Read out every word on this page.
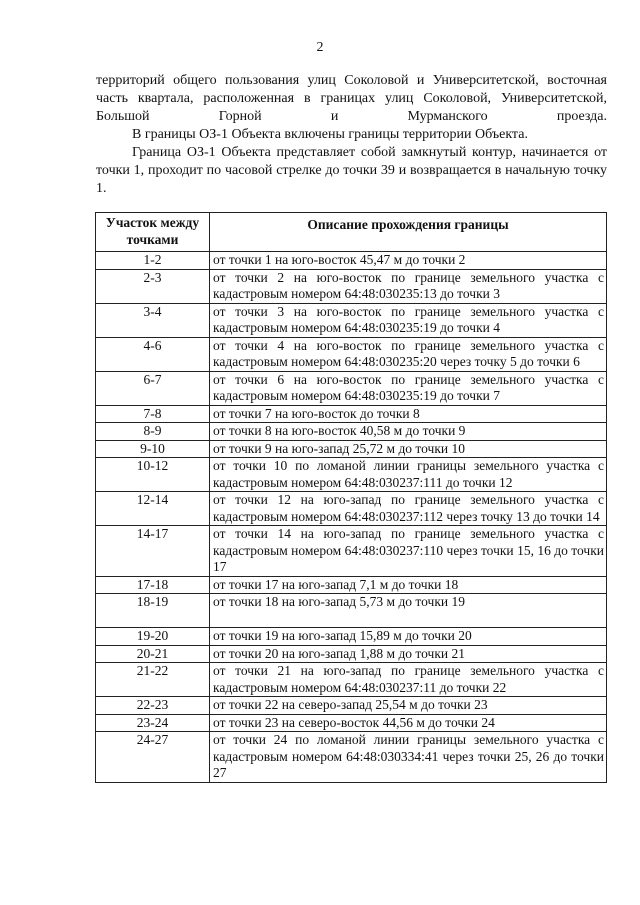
2

территорий общего пользования улиц Соколовой и Университетской, восточная часть квартала, расположенная в границах улиц Соколовой, Университетской, Большой Горной и Мурманского проезда.

В границы ОЗ-1 Объекта включены границы территории Объекта.

Граница ОЗ-1 Объекта представляет собой замкнутый контур, начинается от точки 1, проходит по часовой стрелке до точки 39 и возвращается в начальную точку 1.

Участок между точками	Описание прохождения границы
1-2	от точки 1 на юго-восток 45,47 м до точки 2
2-3	от точки 2 на юго-восток по границе земельного участка с кадастровым номером 64:48:030235:13 до точки 3
3-4	от точки 3 на юго-восток по границе земельного участка с кадастровым номером 64:48:030235:19 до точки 4
4-6	от точки 4 на юго-восток по границе земельного участка с кадастровым номером 64:48:030235:20 через точку 5 до точки 6
6-7	от точки 6 на юго-восток по границе земельного участка с кадастровым номером 64:48:030235:19 до точки 7
7-8	от точки 7 на юго-восток до точки 8
8-9	от точки 8 на юго-восток 40,58 м до точки 9
9-10	от точки 9 на юго-запад 25,72 м до точки 10
10-12	от точки 10 по ломаной линии границы земельного участка с кадастровым номером 64:48:030237:111 до точки 12
12-14	от точки 12 на юго-запад по границе земельного участка с кадастровым номером 64:48:030237:112 через точку 13 до точки 14
14-17	от точки 14 на юго-запад по границе земельного участка с кадастровым номером 64:48:030237:110 через точки 15, 16 до точки 17
17-18	от точки 17 на юго-запад 7,1 м до точки 18
18-19	от точки 18 на юго-запад 5,73 м до точки 19
19-20	от точки 19 на юго-запад 15,89 м до точки 20
20-21	от точки 20 на юго-запад 1,88 м до точки 21
21-22	от точки 21 на юго-запад по границе земельного участка с кадастровым номером 64:48:030237:11 до точки 22
22-23	от точки 22 на северо-запад 25,54 м до точки 23
23-24	от точки 23 на северо-восток 44,56 м до точки 24
24-27	от точки 24 по ломаной линии границы земельного участка с кадастровым номером 64:48:030334:41 через точки 25, 26 до точки 27
